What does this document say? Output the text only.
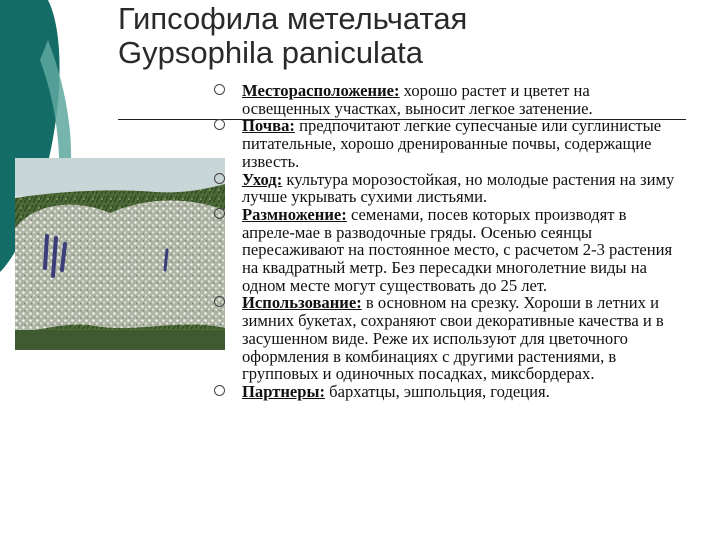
Гипсофила метельчатая
Gypsophila paniculata
Месторасположение: хорошо растет и цветет на освещенных участках, выносит легкое затенение.
Почва: предпочитают легкие супесчаные или суглинистые питательные, хорошо дренированные почвы, содержащие известь.
Уход: культура морозостойкая, но молодые растения на зиму лучше укрывать сухими листьями.
Размножение: семенами, посев которых производят в апреле-мае в разводочные гряды. Осенью сеянцы пересаживают на постоянное место, с расчетом 2-3 растения на квадратный метр. Без пересадки многолетние виды на одном месте могут существовать до 25 лет.
Использование: в основном на срезку. Хороши в летних и зимних букетах, сохраняют свои декоративные качества и в засушенном виде. Реже их используют для цветочного оформления в комбинациях с другими растениями, в групповых и одиночных посадках, миксбордерах.
Партнеры: бархатцы, эшпольция, годеция.
